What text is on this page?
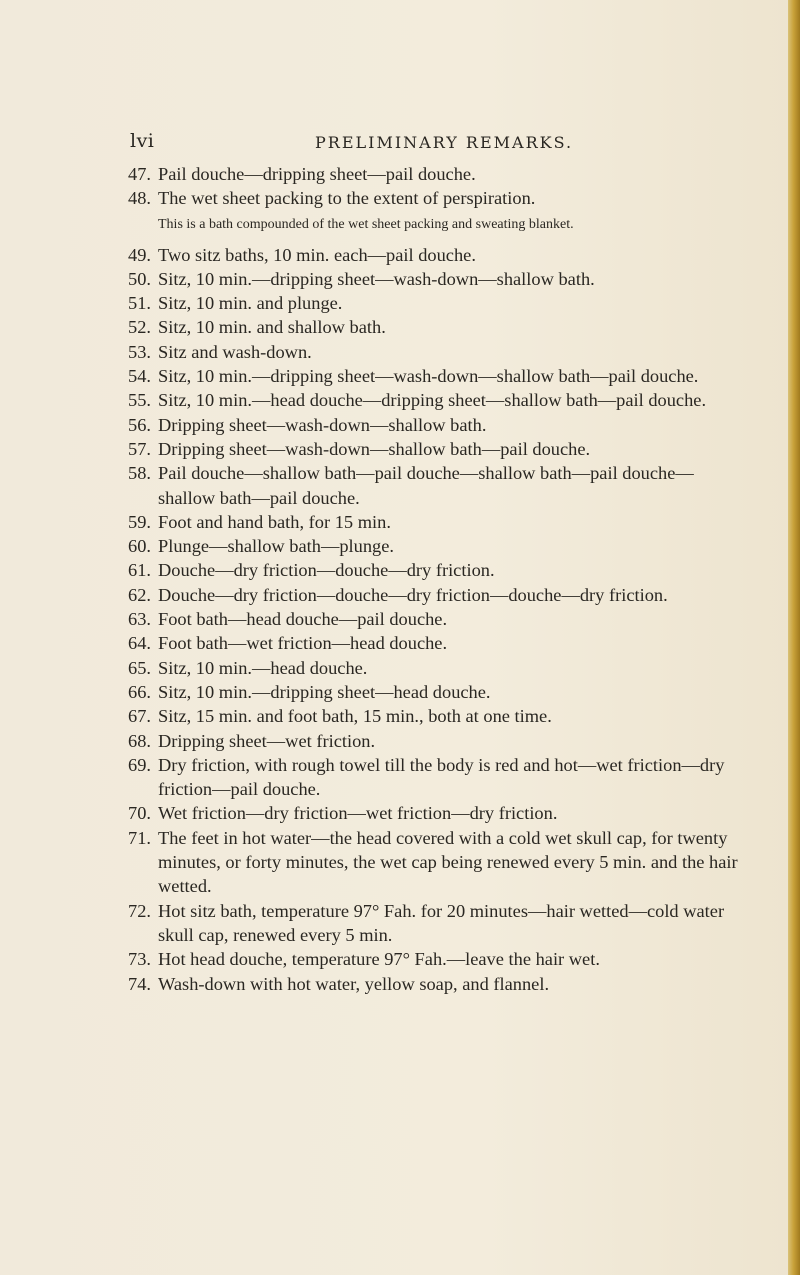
lvi	PRELIMINARY REMARKS.
47. Pail douche—dripping sheet—pail douche.
48. The wet sheet packing to the extent of perspiration.
This is a bath compounded of the wet sheet packing and sweating blanket.
49. Two sitz baths, 10 min. each—pail douche.
50. Sitz, 10 min.—dripping sheet—wash-down—shallow bath.
51. Sitz, 10 min. and plunge.
52. Sitz, 10 min. and shallow bath.
53. Sitz and wash-down.
54. Sitz, 10 min.—dripping sheet—wash-down—shallow bath—pail douche.
55. Sitz, 10 min.—head douche—dripping sheet—shallow bath—pail douche.
56. Dripping sheet—wash-down—shallow bath.
57. Dripping sheet—wash-down—shallow bath—pail douche.
58. Pail douche—shallow bath—pail douche—shallow bath—pail douche—shallow bath—pail douche.
59. Foot and hand bath, for 15 min.
60. Plunge—shallow bath—plunge.
61. Douche—dry friction—douche—dry friction.
62. Douche—dry friction—douche—dry friction—douche—dry friction.
63. Foot bath—head douche—pail douche.
64. Foot bath—wet friction—head douche.
65. Sitz, 10 min.—head douche.
66. Sitz, 10 min.—dripping sheet—head douche.
67. Sitz, 15 min. and foot bath, 15 min., both at one time.
68. Dripping sheet—wet friction.
69. Dry friction, with rough towel till the body is red and hot—wet friction—dry friction—pail douche.
70. Wet friction—dry friction—wet friction—dry friction.
71. The feet in hot water—the head covered with a cold wet skull cap, for twenty minutes, or forty minutes, the wet cap being renewed every 5 min. and the hair wetted.
72. Hot sitz bath, temperature 97° Fah. for 20 minutes—hair wetted—cold water skull cap, renewed every 5 min.
73. Hot head douche, temperature 97° Fah.—leave the hair wet.
74. Wash-down with hot water, yellow soap, and flannel.
